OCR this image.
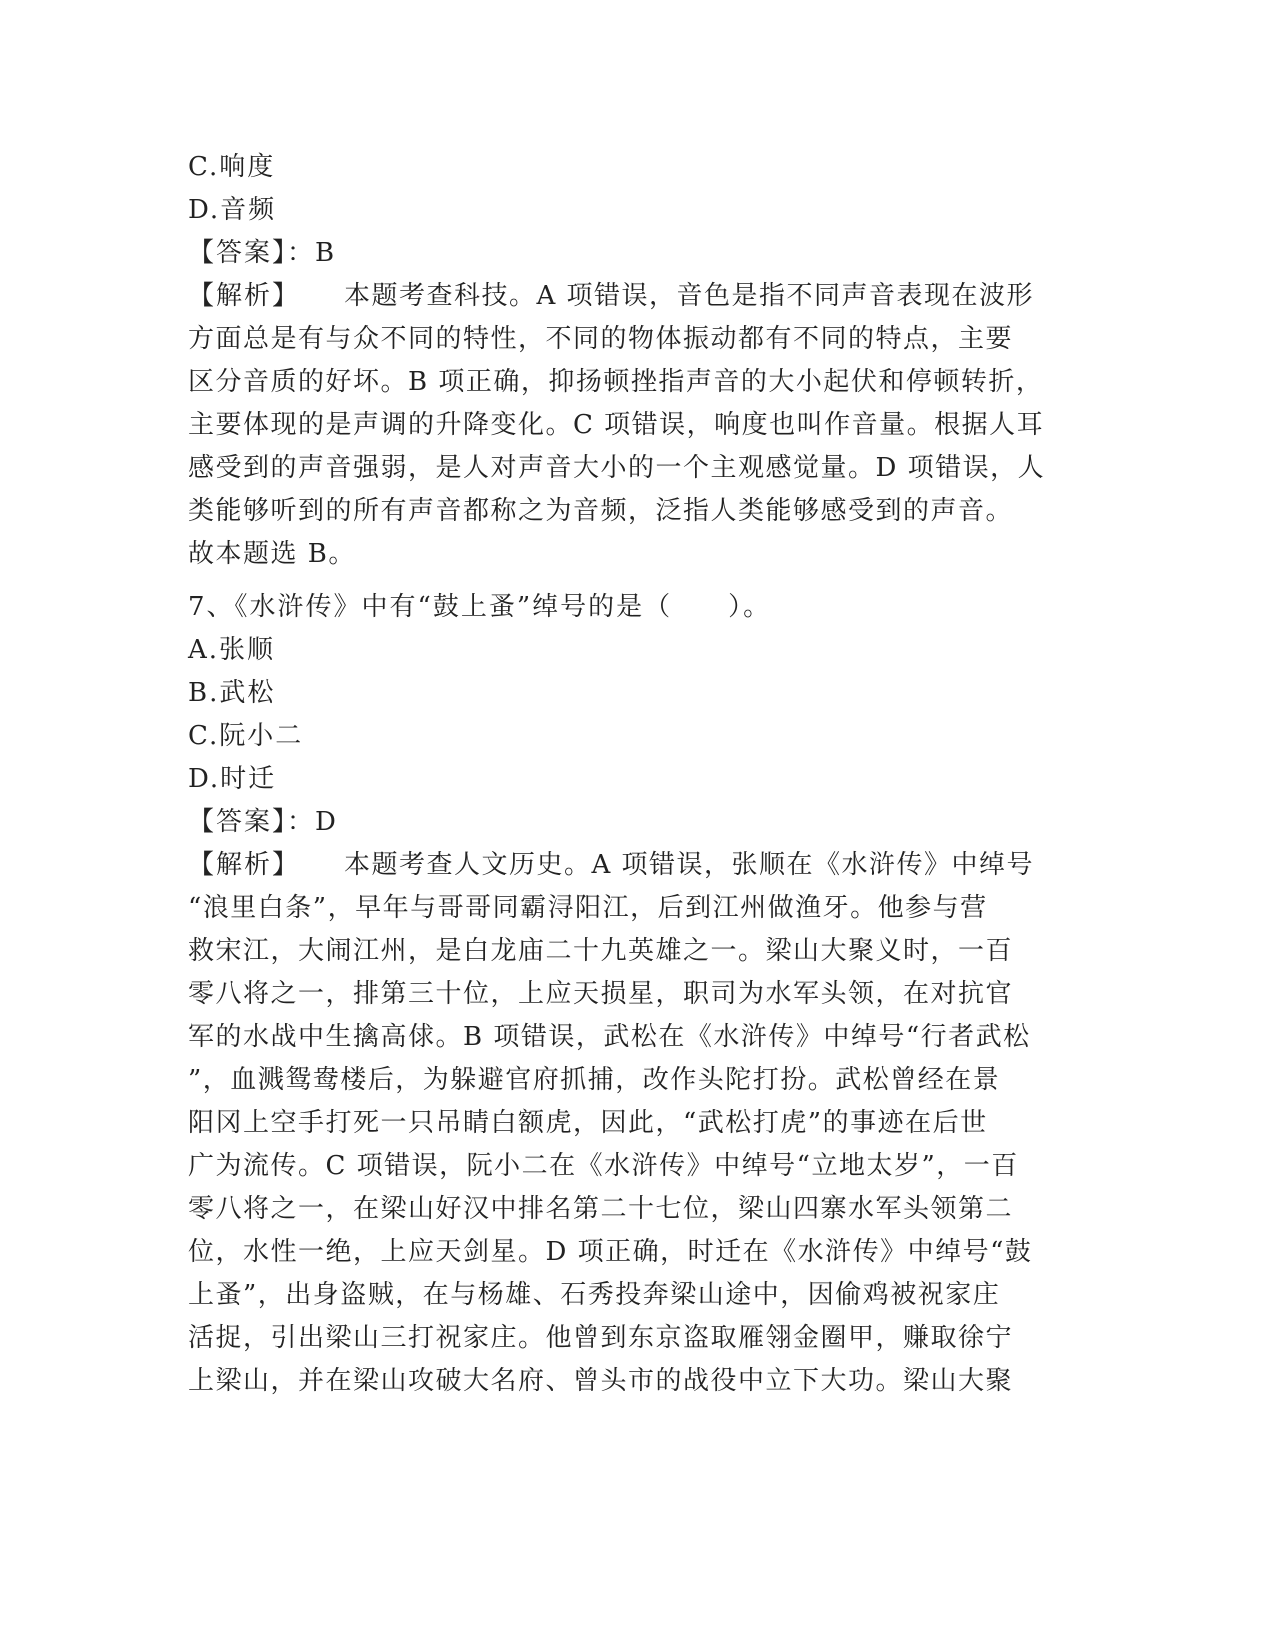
C.响度
D.音频
【答案】：B
【解析】 本题考查科技。A 项错误，音色是指不同声音表现在波形
方面总是有与众不同的特性，不同的物体振动都有不同的特点，主要
区分音质的好坏。B 项正确，抑扬顿挫指声音的大小起伏和停顿转折，
主要体现的是声调的升降变化。C 项错误，响度也叫作音量。根据人耳
感受到的声音强弱，是人对声音大小的一个主观感觉量。D 项错误，人
类能够听到的所有声音都称之为音频，泛指人类能够感受到的声音。
故本题选 B。
7、《水浒传》中有“鼓上蚤”绰号的是（　　）。
A.张顺
B.武松
C.阮小二
D.时迁
【答案】：D
【解析】 本题考查人文历史。A 项错误，张顺在《水浒传》中绰号
“浪里白条”，早年与哥哥同霸浔阳江，后到江州做渔牙。他参与营
救宋江，大闹江州，是白龙庙二十九英雄之一。梁山大聚义时，一百
零八将之一，排第三十位，上应天损星，职司为水军头领，在对抗官
军的水战中生擒高俅。B 项错误，武松在《水浒传》中绰号“行者武松
”，血溅鸳鸯楼后，为躲避官府抓捕，改作头陀打扮。武松曾经在景
阳冈上空手打死一只吊睛白额虎，因此，“武松打虎”的事迹在后世
广为流传。C 项错误，阮小二在《水浒传》中绰号“立地太岁”，一百
零八将之一，在梁山好汉中排名第二十七位，梁山四寨水军头领第二
位，水性一绝，上应天剑星。D 项正确，时迁在《水浒传》中绰号“鼓
上蚤”，出身盗贼，在与杨雄、石秀投奔梁山途中，因偷鸡被祝家庄
活捉，引出梁山三打祝家庄。他曾到东京盗取雁翎金圈甲，赚取徐宁
上梁山，并在梁山攻破大名府、曾头市的战役中立下大功。梁山大聚
